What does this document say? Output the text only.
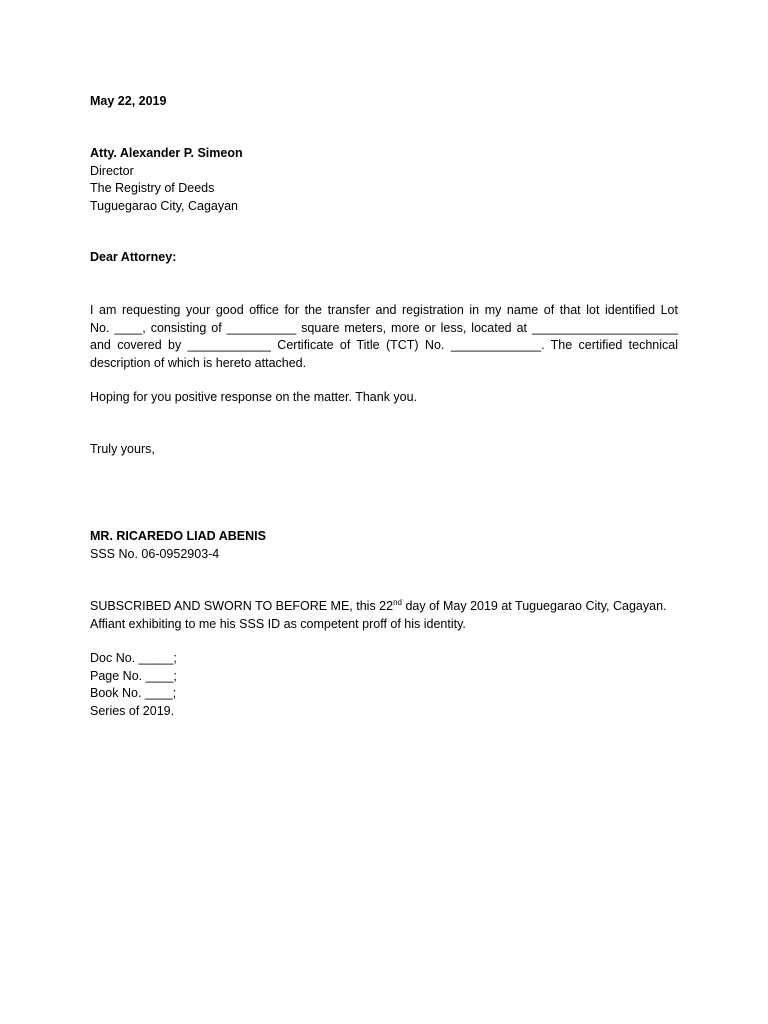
May 22, 2019
Atty. Alexander P. Simeon
Director
The Registry of Deeds
Tuguegarao City, Cagayan
Dear Attorney:
I am requesting your good office for the transfer and registration in my name of that lot identified Lot
No. ____, consisting of __________ square meters, more or less, located at _____________________
and covered by ____________ Certificate of Title (TCT) No. _____________. The certified technical
description of which is hereto attached.
Hoping for you positive response on the matter. Thank you.
Truly yours,
MR. RICAREDO LIAD ABENIS
SSS No. 06-0952903-4
SUBSCRIBED AND SWORN TO BEFORE ME, this 22nd day of May 2019 at Tuguegarao City, Cagayan.
Affiant exhibiting to me his SSS ID as competent proff of his identity.
Doc No. _____;
Page No. ____;
Book No. ____;
Series of 2019.
